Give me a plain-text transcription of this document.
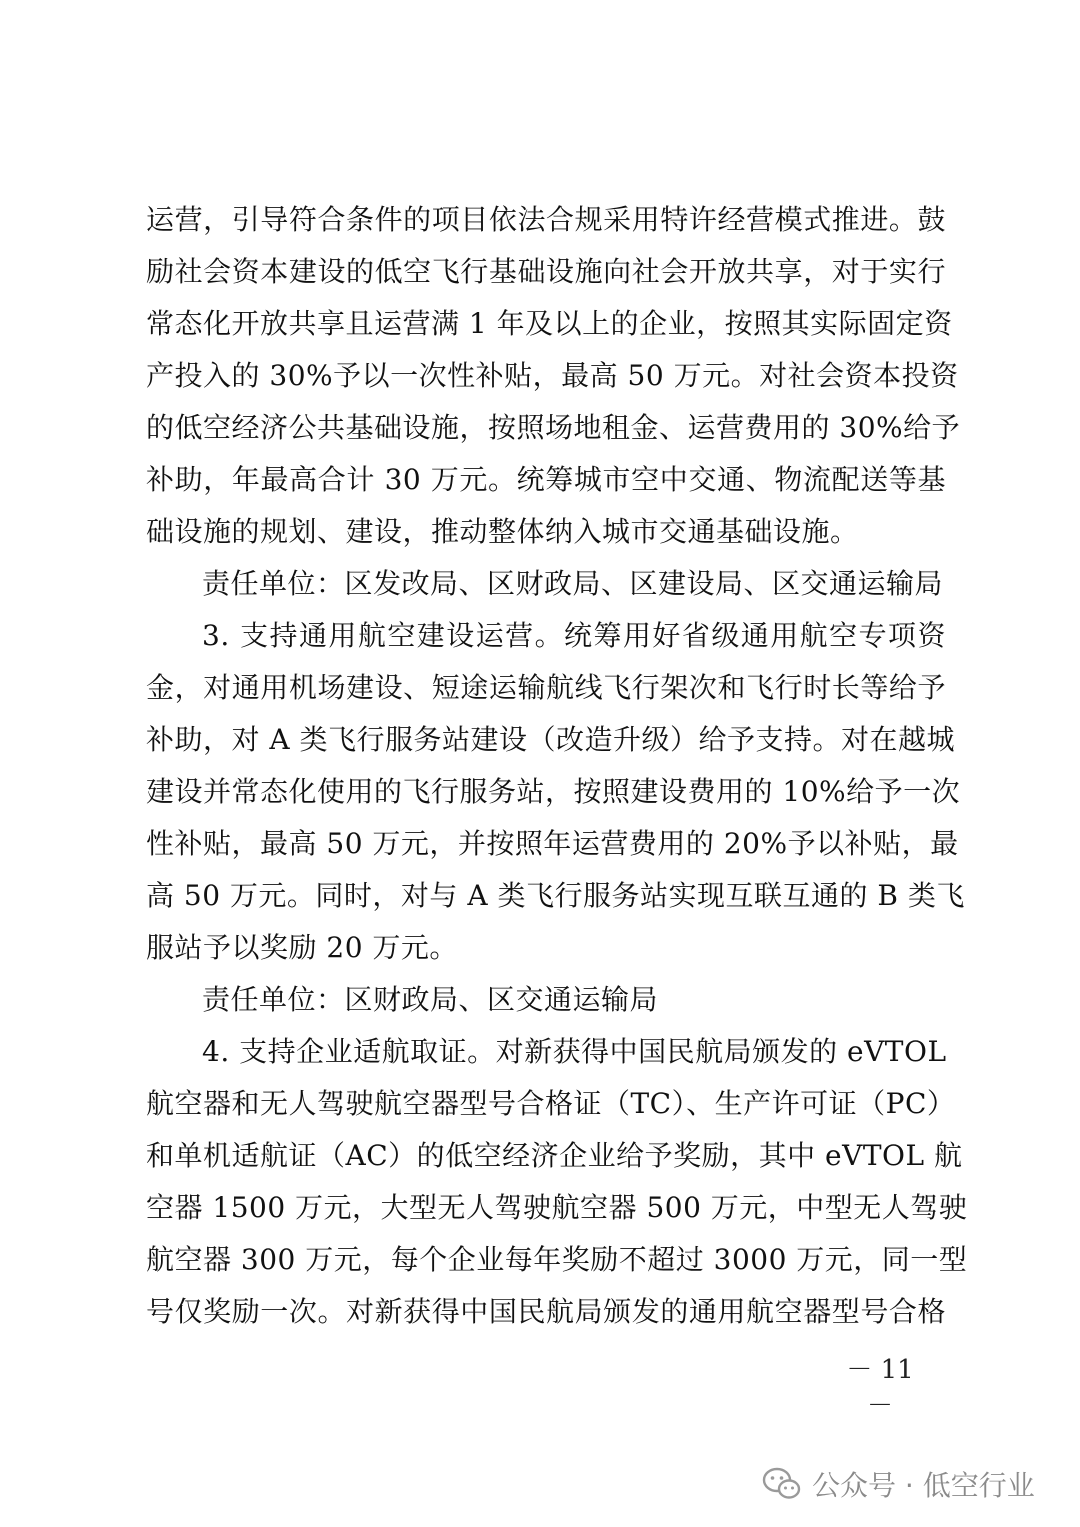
运营，引导符合条件的项目依法合规采用特许经营模式推进。鼓
励社会资本建设的低空飞行基础设施向社会开放共享，对于实行
常态化开放共享且运营满 1 年及以上的企业，按照其实际固定资
产投入的 30%予以一次性补贴，最高 50 万元。对社会资本投资
的低空经济公共基础设施，按照场地租金、运营费用的 30%给予
补助，年最高合计 30 万元。统筹城市空中交通、物流配送等基
础设施的规划、建设，推动整体纳入城市交通基础设施。
责任单位：区发改局、区财政局、区建设局、区交通运输局
3. 支持通用航空建设运营。统筹用好省级通用航空专项资
金，对通用机场建设、短途运输航线飞行架次和飞行时长等给予
补助，对 A 类飞行服务站建设（改造升级）给予支持。对在越城
建设并常态化使用的飞行服务站，按照建设费用的 10%给予一次
性补贴，最高 50 万元，并按照年运营费用的 20%予以补贴，最
高 50 万元。同时，对与 A 类飞行服务站实现互联互通的 B 类飞
服站予以奖励 20 万元。
责任单位：区财政局、区交通运输局
4. 支持企业适航取证。对新获得中国民航局颁发的 eVTOL
航空器和无人驾驶航空器型号合格证（TC）、生产许可证（PC）
和单机适航证（AC）的低空经济企业给予奖励，其中 eVTOL 航
空器 1500 万元，大型无人驾驶航空器 500 万元，中型无人驾驶
航空器 300 万元，每个企业每年奖励不超过 3000 万元，同一型
号仅奖励一次。对新获得中国民航局颁发的通用航空器型号合格
－ 11 －
公众号 · 低空行业
